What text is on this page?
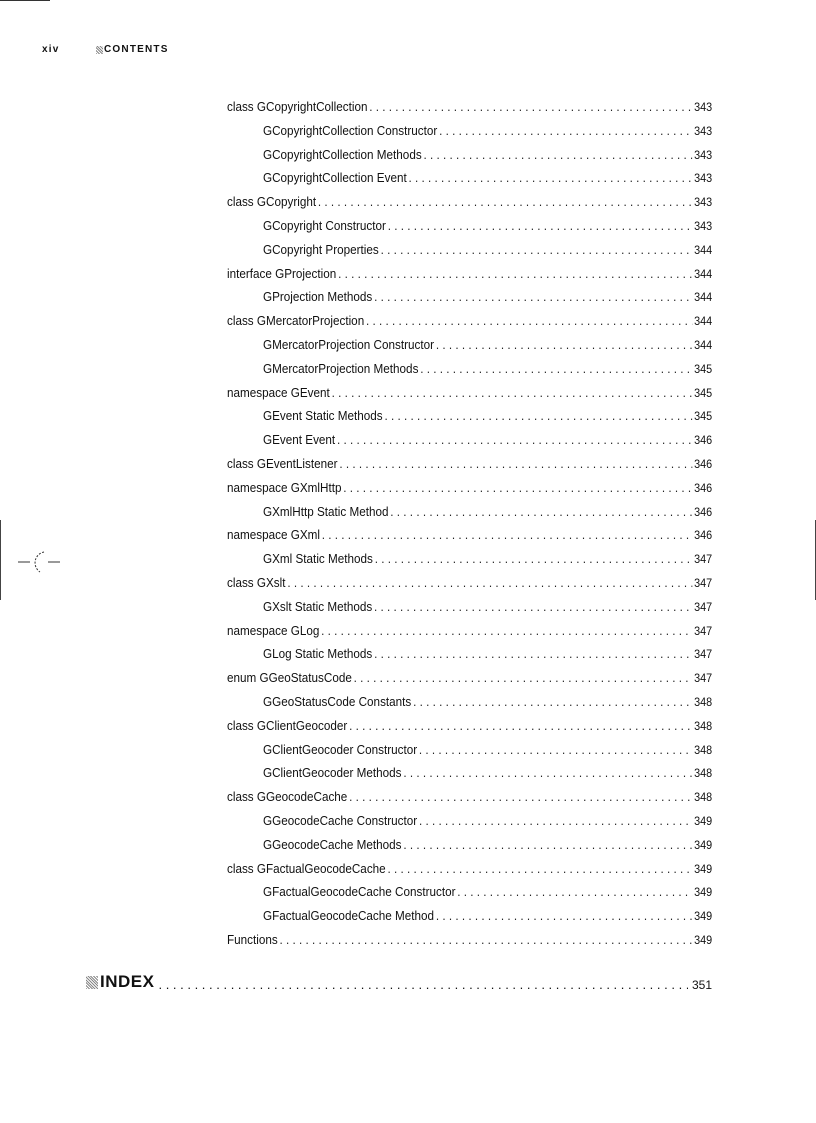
xiv	CONTENTS
class GCopyrightCollection . . .	343
GCopyrightCollection Constructor . . .	343
GCopyrightCollection Methods . . .	343
GCopyrightCollection Event . . .	343
class GCopyright . . .	343
GCopyright Constructor . . .	343
GCopyright Properties . . .	344
interface GProjection . . .	344
GProjection Methods . . .	344
class GMercatorProjection . . .	344
GMercatorProjection Constructor . . .	344
GMercatorProjection Methods . . .	345
namespace GEvent . . .	345
GEvent Static Methods . . .	345
GEvent Event . . .	346
class GEventListener . . .	346
namespace GXmlHttp . . .	346
GXmlHttp Static Method . . .	346
namespace GXml . . .	346
GXml Static Methods . . .	347
class GXslt . . .	347
GXslt Static Methods . . .	347
namespace GLog . . .	347
GLog Static Methods . . .	347
enum GGeoStatusCode . . .	347
GGeoStatusCode Constants . . .	348
class GClientGeocoder . . .	348
GClientGeocoder Constructor . . .	348
GClientGeocoder Methods . . .	348
class GGeocodeCache . . .	348
GGeocodeCache Constructor . . .	349
GGeocodeCache Methods . . .	349
class GFactualGeocodeCache . . .	349
GFactualGeocodeCache Constructor . . .	349
GFactualGeocodeCache Method . . .	349
Functions . . .	349
INDEX . . .	351
